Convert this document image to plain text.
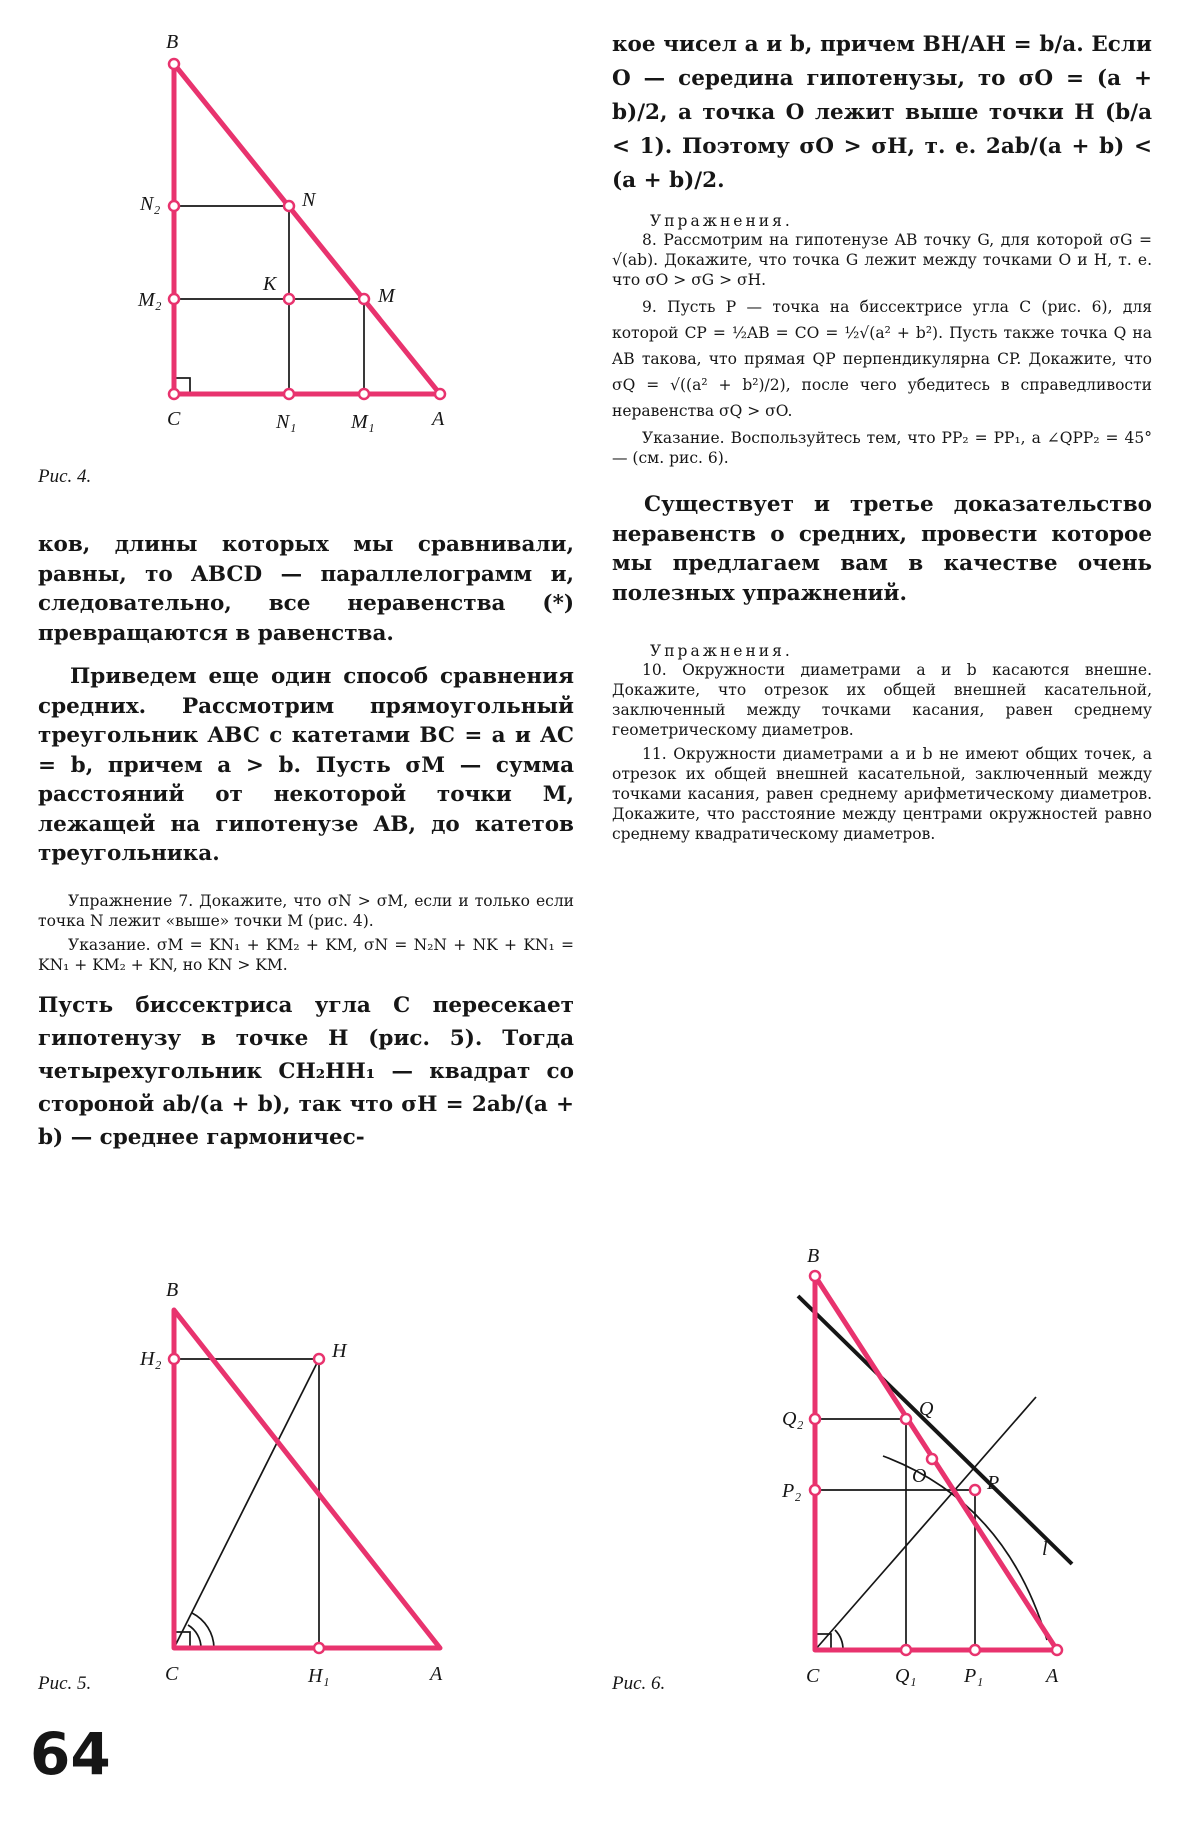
B
N₂	N
M₂
K
M
C	N₁	M₁	A
B
H₂	H
C	H₁	A
B
Q₂	Q
O
P₂	P
l
C	Q₁ P₁	A
Рис. 4.
Рис. 5.	Рис. 6.

ков, длины которых мы сравнивали, равны, то ABCD — параллелограмм и, следовательно, все неравенства (*) превращаются в равенства.

Приведем еще один способ сравнения средних. Рассмотрим прямоугольный треугольник ABC с катетами BC = a и AC = b, причем a > b. Пусть σM — сумма расстояний от некоторой точки M, лежащей на гипотенузе AB, до катетов треугольника.

Упражнение 7. Докажите, что σN > σM, если и только если точка N лежит «выше» точки M (рис. 4).

Указание. σM = KN₁ + KM₂ + KM, σN = N₂N + NK + KN₁ = KN₁ + KM₂ + KN, но KN > KM.

Пусть биссектриса угла C пересекает гипотенузу в точке H (рис. 5). Тогда четырехугольник CH₂HH₁ — квадрат со стороной ab/(a + b), так что σH = 2ab/(a + b) — среднее гармоничес-

кое чисел a и b, причем BH/AH = b/a. Если O — середина гипотенузы, то σO = (a + b)/2, а точка O лежит выше точки H (b/a < 1). Поэтому σO > σH, т. е. 2ab/(a + b) < (a + b)/2.

Упражнения.

8. Рассмотрим на гипотенузе AB точку G, для которой σG = √(ab). Докажите, что точка G лежит между точками O и H, т. е. что σO > σG > σH.

9. Пусть P — точка на биссектрисе угла C (рис. 6), для которой CP = ½AB = CO = ½√(a² + b²). Пусть также точка Q на AB такова, что прямая QP перпендикулярна CP. Докажите, что σQ = √((a² + b²)/2), после чего убедитесь в справедливости неравенства σQ > σO.

Указание. Воспользуйтесь тем, что PP₂ = PP₁, а ∠QPP₂ = 45° — (см. рис. 6).

Существует и третье доказательство неравенств о средних, провести которое мы предлагаем вам в качестве очень полезных упражнений.

Упражнения.

10. Окружности диаметрами a и b касаются внешне. Докажите, что отрезок их общей внешней касательной, заключенный между точками касания, равен среднему геометрическому диаметров.

11. Окружности диаметрами a и b не имеют общих точек, а отрезок их общей внешней касательной, заключенный между точками касания, равен среднему арифметическому диаметров. Докажите, что расстояние между центрами окружностей равно среднему квадратическому диаметров.

64
